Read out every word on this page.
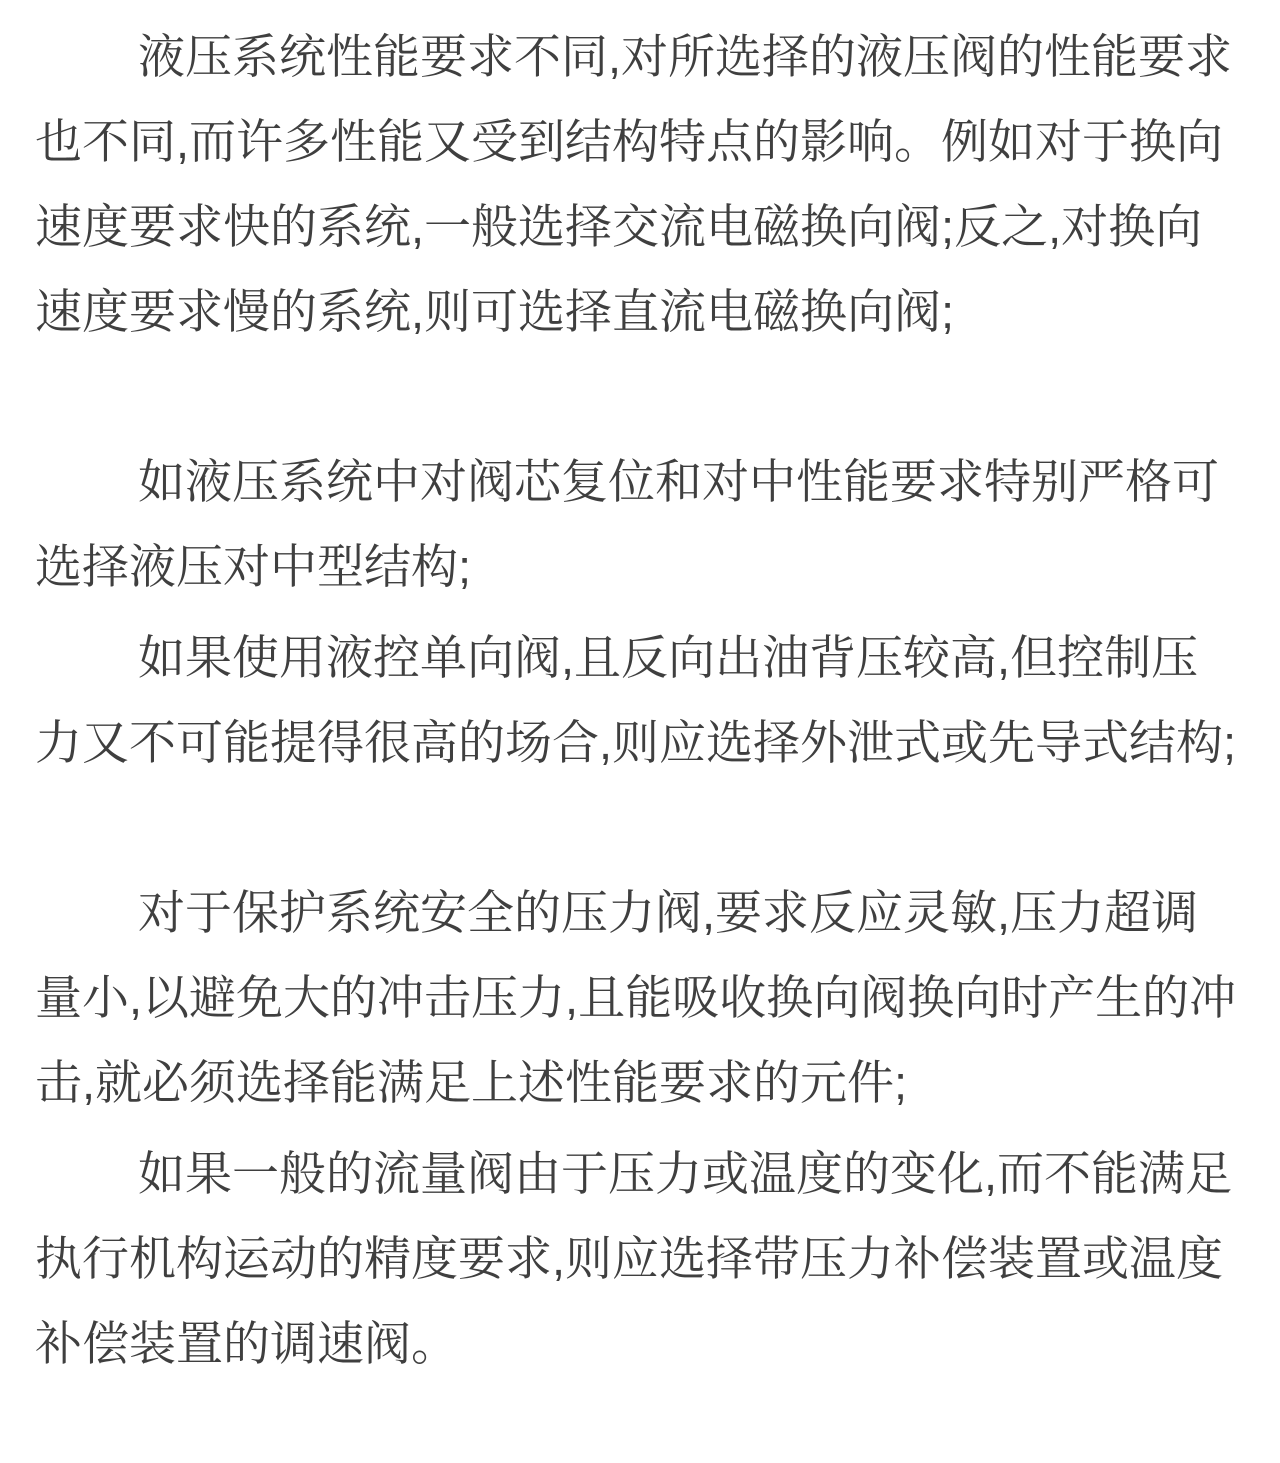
液压系统性能要求不同,对所选择的液压阀的性能要求
也不同,而许多性能又受到结构特点的影响。例如对于换向
速度要求快的系统,一般选择交流电磁换向阀;反之,对换向
速度要求慢的系统,则可选择直流电磁换向阀;

如液压系统中对阀芯复位和对中性能要求特别严格可
选择液压对中型结构;

如果使用液控单向阀,且反向出油背压较高,但控制压
力又不可能提得很高的场合,则应选择外泄式或先导式结构;

对于保护系统安全的压力阀,要求反应灵敏,压力超调
量小,以避免大的冲击压力,且能吸收换向阀换向时产生的冲
击,就必须选择能满足上述性能要求的元件;

如果一般的流量阀由于压力或温度的变化,而不能满足
执行机构运动的精度要求,则应选择带压力补偿装置或温度
补偿装置的调速阀。
